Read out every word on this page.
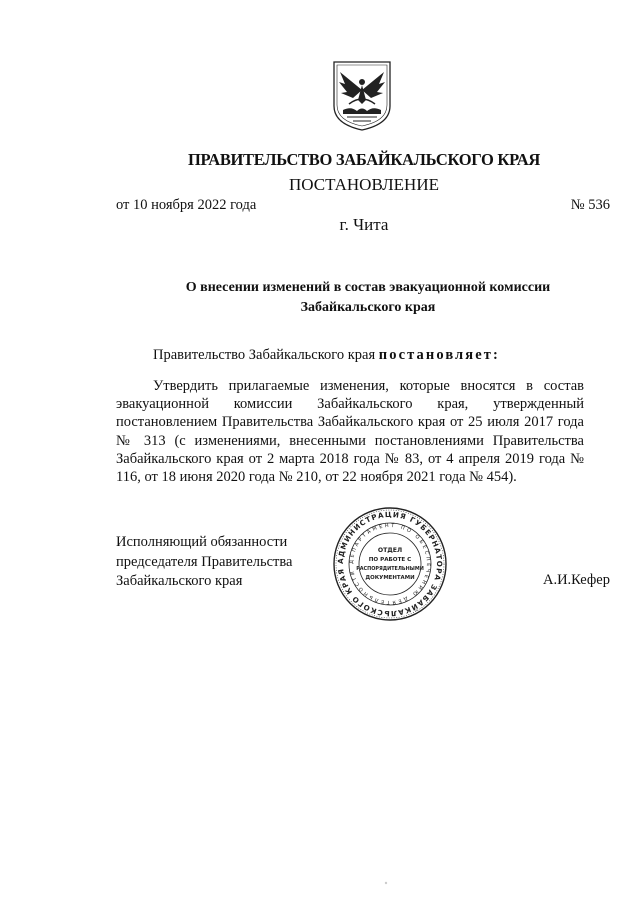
ПРАВИТЕЛЬСТВО ЗАБАЙКАЛЬСКОГО КРАЯ
ПОСТАНОВЛЕНИЕ
от 10 ноября 2022 года	№ 536
г. Чита
О внесении изменений в состав эвакуационной комиссии
Забайкальского края
Правительство Забайкальского края постановляет:
Утвердить прилагаемые изменения, которые вносятся в состав эвакуационной комиссии Забайкальского края, утвержденный постановлением Правительства Забайкальского края от 25 июля 2017 года № 313 (с изменениями, внесенными постановлениями Правительства Забайкальского края от 2 марта 2018 года № 83, от 4 апреля 2019 года № 116, от 18 июня 2020 года № 210, от 22 ноября 2021 года № 454).
Исполняющий обязанности
председателя Правительства
Забайкальского края	А.И.Кефер
АДМИНИСТРАЦИЯ ГУБЕРНАТОРА ЗАБАЙКАЛЬСКОГО КРАЯ
ДЕПАРТАМЕНТ ПО ОБЕСПЕЧЕНИЮ ДЕЯТЕЛЬНОСТИ
ОТДЕЛ
ПО РАБОТЕ С
РАСПОРЯДИТЕЛЬНЫМИ
ДОКУМЕНТАМИ
